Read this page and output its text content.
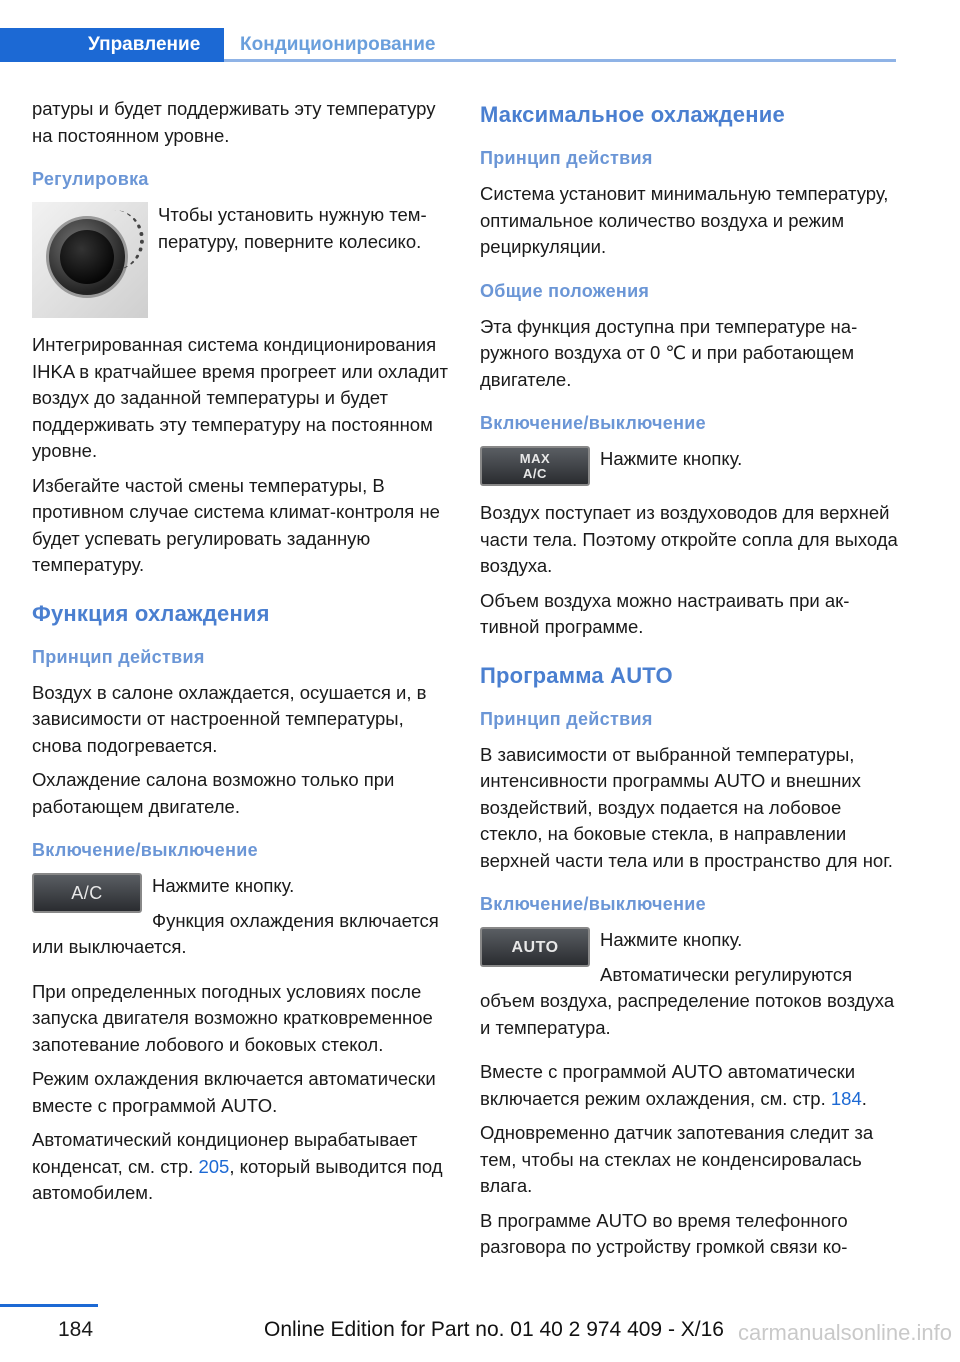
Управление	Кондиционирование

ратуры и будет поддерживать эту температуру на постоянном уровне.

Регулировка

Чтобы установить нужную температуру, поверните колесико.

Интегрированная система кондиционирования IHKA в кратчайшее время прогреет или охладит воздух до заданной температуры и будет поддерживать эту температуру на постоянном уровне.

Избегайте частой смены температуры, В противном случае система климат-контроля не будет успевать регулировать заданную температуру.

Функция охлаждения
Принцип действия

Воздух в салоне охлаждается, осушается и, в зависимости от настроенной температуры, снова подогревается.

Охлаждение салона возможно только при работающем двигателе.

Включение/выключение
A/C	Нажмите кнопку.

Функция охлаждения включается или выключается.

При определенных погодных условиях после запуска двигателя возможно кратковременное запотевание лобового и боковых стекол.

Режим охлаждения включается автоматически вместе с программой AUTO.

Автоматический кондиционер вырабатывает конденсат, см. стр. 205, который выводится под автомобилем.

Максимальное охлаждение
Принцип действия

Система установит минимальную температуру, оптимальное количество воздуха и режим рециркуляции.

Общие положения

Эта функция доступна при температуре наружного воздуха от 0 ℃ и при работающем двигателе.

Включение/выключение
MAX
A/C

Нажмите кнопку.

Воздух поступает из воздуховодов для верхней части тела. Поэтому откройте сопла для выхода воздуха.

Объем воздуха можно настраивать при активной программе.

Программа AUTO
Принцип действия

В зависимости от выбранной температуры, интенсивности программы AUTO и внешних воздействий, воздух подается на лобовое стекло, на боковые стекла, в направлении верхней части тела или в пространство для ног.

Включение/выключение
AUTO	Нажмите кнопку.

Автоматически регулируются объем воздуха, распределение потоков воздуха и температура.

Вместе с программой AUTO автоматически включается режим охлаждения, см. стр. 184.

Одновременно датчик запотевания следит за тем, чтобы на стеклах не конденсировалась влага.

В программе AUTO во время телефонного разговора по устройству громкой связи ко-

184	Online Edition for Part no. 01 40 2 974 409 - X/16 carmanualsonline.info
